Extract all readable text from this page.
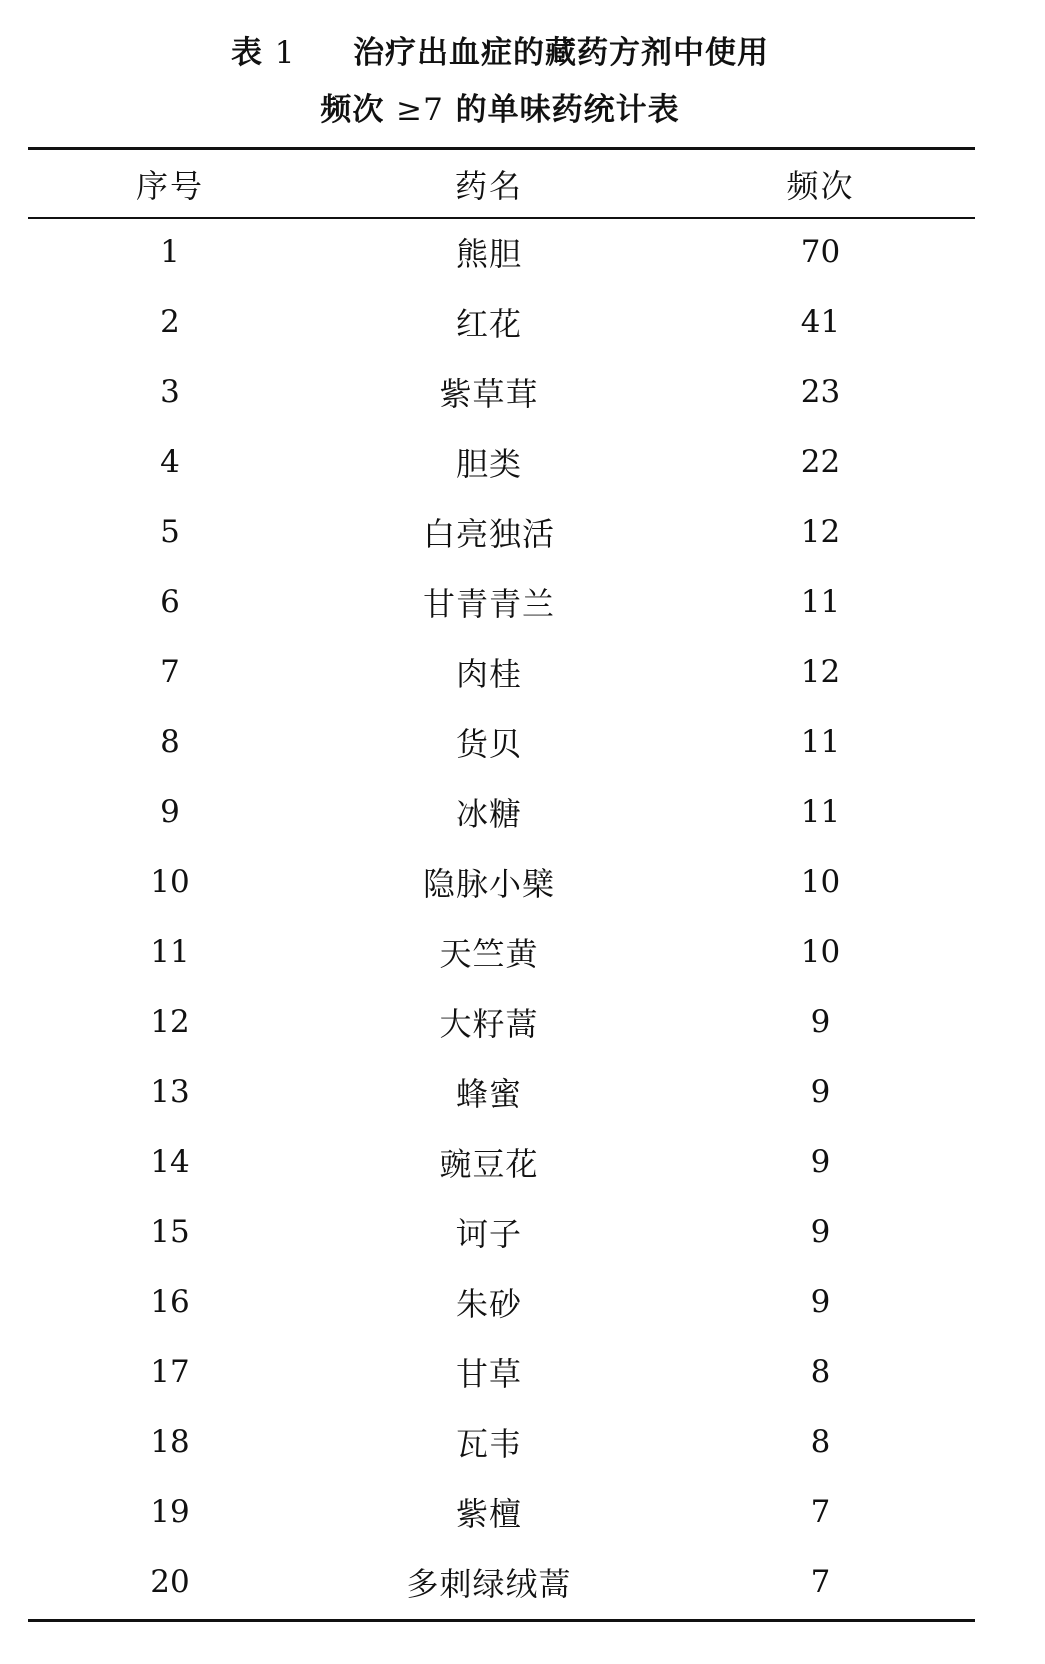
表 1 治疗出血症的藏药方剂中使用
频次 ≥7 的单味药统计表
序号	药名	频次
1	熊胆	70
2	红花	41
3	紫草茸	23
4	胆类	22
5	白亮独活	12
6	甘青青兰	11
7	肉桂	12
8	货贝	11
9	冰糖	11
10	隐脉小檗	10
11	天竺黄	10
12	大籽蒿	9
13	蜂蜜	9
14	豌豆花	9
15	诃子	9
16	朱砂	9
17	甘草	8
18	瓦韦	8
19	紫檀	7
20	多刺绿绒蒿	7
